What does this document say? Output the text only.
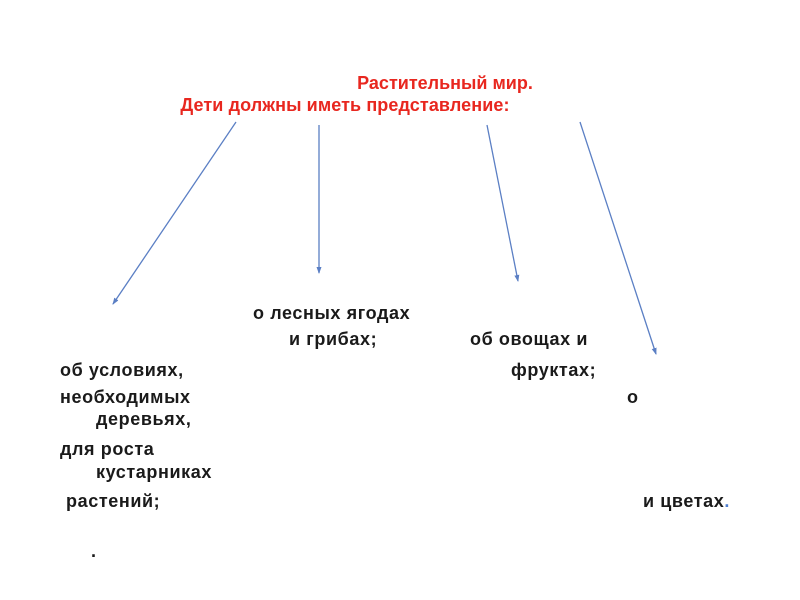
Растительный мир.
Дети должны иметь представление:
о лесных ягодах
и грибах;	об овощах и
фруктах;
об условиях,
необходимых
для роста
растений;
о
деревьях,
кустарниках
и цветах.
.
